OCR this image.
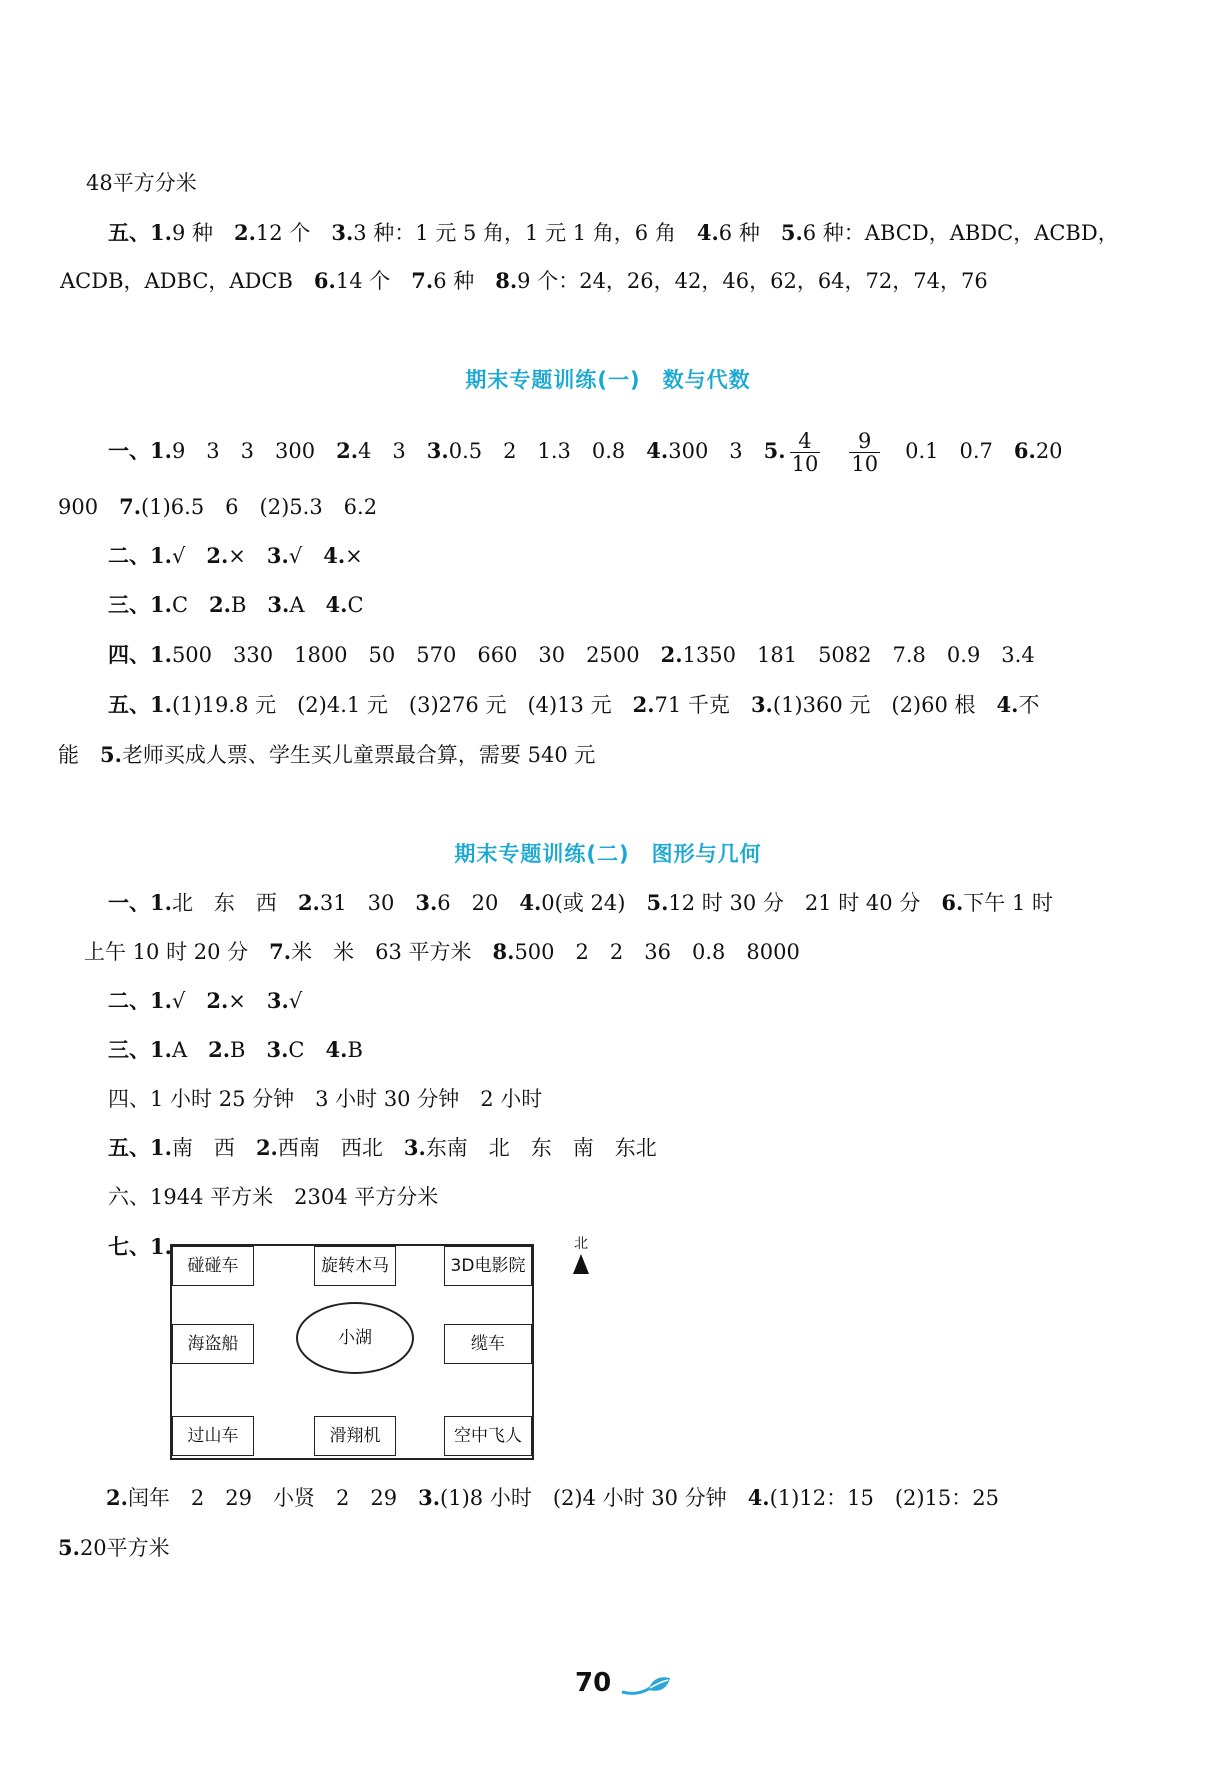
48平方分米
五、1.9 种　2.12 个　3.3 种：1 元 5 角，1 元 1 角，6 角　4.6 种　5.6 种：ABCD，ABDC，ACBD，
ACDB，ADBC，ADCB　6.14 个　7.6 种　8.9 个：24，26，42，46，62，64，72，74，76
期末专题训练(一)　数与代数
一、1.9　3　3　300　2.4　3　3.0.5　2　1.3　0.8　4.300　3　5. $\frac{4}{10}$
　 $\frac{9}{10}$ 　0.1　0.7　6.20
900　7.(1)6.5　6　(2)5.3　6.2
二、1.√　2.×　3.√　4.×
三、1.C　2.B　3.A　4.C
四、1.500　330　1800　50　570　660　30　2500　2.1350　181　5082　7.8　0.9　3.4
五、1.(1)19.8 元　(2)4.1 元　(3)276 元　(4)13 元　2.71 千克　3.(1)360 元　(2)60 根　4.不
能　5.老师买成人票、学生买儿童票最合算，需要 540 元
期末专题训练(二)　图形与几何
一、1.北　东　西　2.31　30　3.6　20　4.0(或 24)　5.12 时 30 分　21 时 40 分　6.下午 1 时
上午 10 时 20 分　7.米　米　63 平方米　8.500　2　2　36　0.8　8000
二、1.√　2.×　3.√
三、1.A　2.B　3.C　4.B
四、1 小时 25 分钟　3 小时 30 分钟　2 小时
五、1.南　西　2.西南　西北　3.东南　北　东　南　东北
六、1944 平方米　2304 平方分米
七、1.
碰碰车	旋转木马	3D电影院
海盗船	小湖	缆车
过山车	滑翔机	空中飞人
北
2.闰年　2　29　小贤　2　29　3.(1)8 小时　(2)4 小时 30 分钟　4.(1)12：15　(2)15：25
5.20平方米
70
